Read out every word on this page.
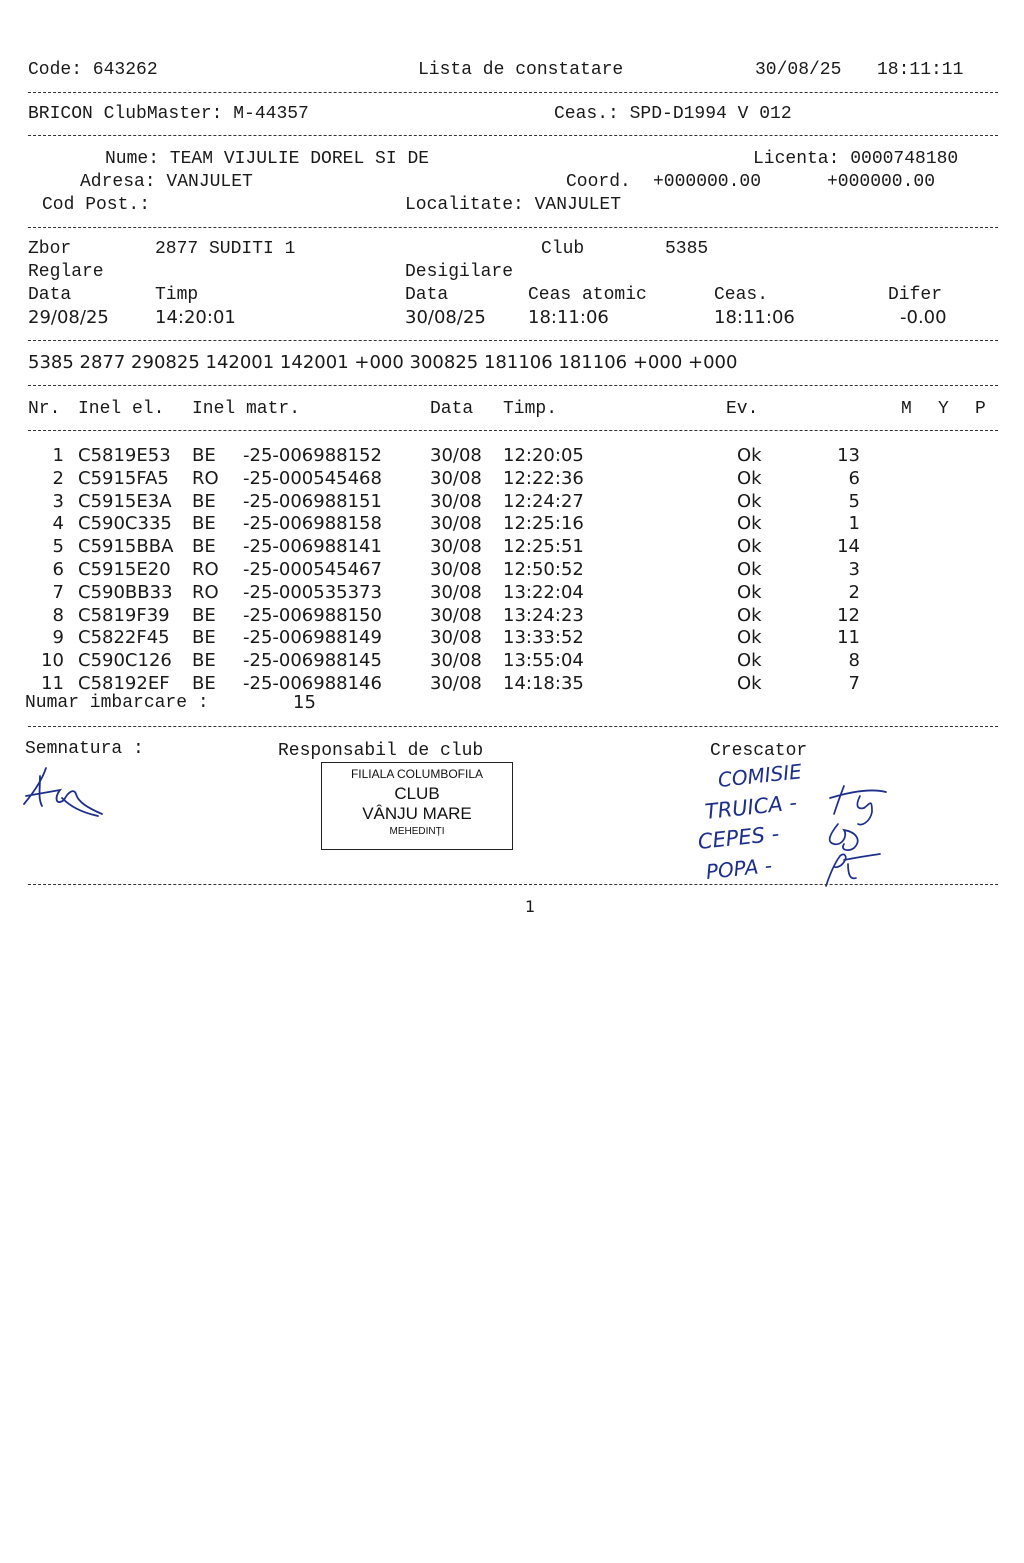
Code: 643262	Lista de constatare	30/08/25 18:11:11
BRICON ClubMaster: M-44357	Ceas.: SPD-D1994 V 012
Nume: TEAM VIJULIE DOREL SI DE	Licenta: 0000748180
Adresa: VANJULET	Coord. +000000.00	+000000.00
Cod Post.:	Localitate: VANJULET
Zbor	2877 SUDITI 1	Club	5385
Reglare	Desigilare
Data	Timp	Data	Ceas atomic	Ceas.	Difer
29/08/25	14:20:01	30/08/25 18:11:06	18:11:06	-0.00
5385 2877 290825 142001 142001 +000 300825 181106 181106 +000 +000
Nr. Inel el. Inel matr.	Data Timp.	Ev.	M Y P
1 C5819E53 BE -25-006988152	30/08 12:20:05	Ok	13
2 C5915FA5 RO -25-000545468	30/08 12:22:36	Ok	6
3 C5915E3A BE -25-006988151	30/08 12:24:27	Ok	5
4 C590C335 BE -25-006988158	30/08 12:25:16	Ok	1
5 C5915BBA BE -25-006988141	30/08 12:25:51	Ok	14
6 C5915E20 RO -25-000545467	30/08 12:50:52	Ok	3
7 C590BB33 RO -25-000535373	30/08 13:22:04	Ok	2
8 C5819F39 BE -25-006988150	30/08 13:24:23	Ok	12
9 C5822F45 BE -25-006988149	30/08 13:33:52	Ok	11
10 C590C126 BE -25-006988145	30/08 13:55:04	Ok	8
11 C58192EF BE -25-006988146	30/08 14:18:35	Ok	7
Numar imbarcare :	15
Semnatura :	Responsabil de club	Crescator
FILIALA COLUMBOFILA
CLUB
VÂNJU MARE
MEHEDINȚI
COMISIE
TRUICA -
CEPES -
POPA -
1
